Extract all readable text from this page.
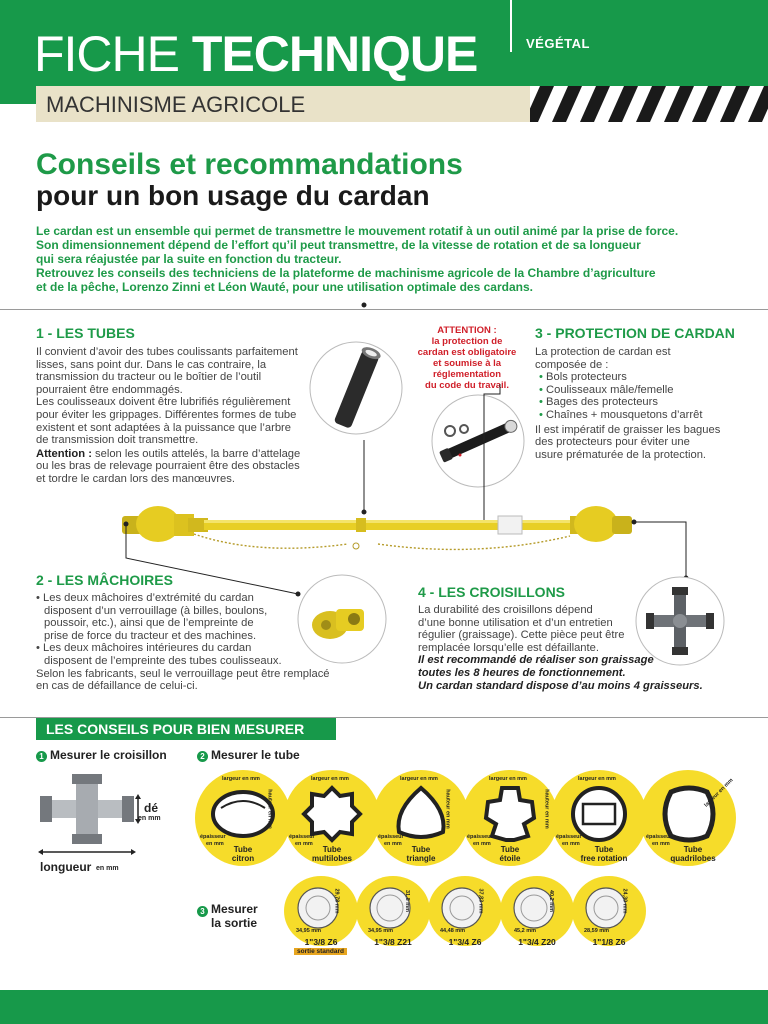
FICHE TECHNIQUE	VÉGÉTAL
MACHINISME AGRICOLE
Conseils et recommandations
pour un bon usage du cardan
Le cardan est un ensemble qui permet de transmettre le mouvement rotatif à un outil animé par la prise de force.
Son dimensionnement dépend de l’effort qu’il peut transmettre, de la vitesse de rotation et de sa longueur
qui sera réajustée par la suite en fonction du tracteur.
Retrouvez les conseils des techniciens de la plateforme de machinisme agricole de la Chambre d’agriculture
et de la pêche, Lorenzo Zinni et Léon Wauté, pour une utilisation optimale des cardans.
1 - LES TUBES
Il convient d’avoir des tubes coulissants parfaitement
lisses, sans point dur. Dans le cas contraire, la
transmission du tracteur ou le boîtier de l’outil
pourraient être endommagés.
Les coulisseaux doivent être lubrifiés régulièrement
pour éviter les grippages. Différentes formes de tube
existent et sont adaptées à la puissance que l’arbre
de transmission doit transmettre.
Attention : selon les outils attelés, la barre d’attelage
ou les bras de relevage pourraient être des obstacles
et tordre le cardan lors des manœuvres.
ATTENTION :
la protection de
cardan est obligatoire
et soumise à la
réglementation
du code du travail.
3 - PROTECTION DE CARDAN
La protection de cardan est
composée de :
• Bols protecteurs
• Coulisseaux mâle/femelle
• Bages des protecteurs
• Chaînes + mousquetons d’arrêt
Il est impératif de graisser les bagues
des protecteurs pour éviter une
usure prématurée de la protection.
2 - LES MÂCHOIRES
• Les deux mâchoires d’extrémité du cardan
disposent d’un verrouillage (à billes, boulons,
poussoir, etc.), ainsi que de l’empreinte de
prise de force du tracteur et des machines.
• Les deux mâchoires intérieures du cardan
disposent de l’empreinte des tubes coulisseaux.
Selon les fabricants, seul le verrouillage peut être remplacé
en cas de défaillance de celui-ci.
4 - LES CROISILLONS
La durabilité des croisillons dépend
d’une bonne utilisation et d’un entretien
régulier (graissage). Cette pièce peut être
remplacée lorsqu’elle est défaillante.
Il est recommandé de réaliser son graissage
toutes les 8 heures de fonctionnement.
Un cardan standard dispose d’au moins 4 graisseurs.
LES CONSEILS POUR BIEN MESURER
1 Mesurer le croisillon
dé
en mm
longueur en mm
2 Mesurer le tube
largeur en mm	largeur en mm	largeur en mm	largeur en mm	largeur en mm
épaisseur
en mm
épaisseur
en mm
épaisseur
en mm
épaisseur
en mm
épaisseur
en mm
épaisseur
en mm
hauteur en mm	hauteur en mm	hauteur en mm	largeur en mm
Tube
citron
Tube
multilobes
Tube
triangle
Tube
étoile
Tube
free rotation
Tube
quadrilobes
3 Mesurer
la sortie
34,95 mm	34,95 mm	44,48 mm	45,2 mm	28,59 mm
29,78 mm	31,8 mm	37,83 mm	40,2 mm	24,30 mm
1"3/8 Z6	1"3/8 Z21	1"3/4 Z6	1"3/4 Z20	1"1/8 Z6
sortie standard
